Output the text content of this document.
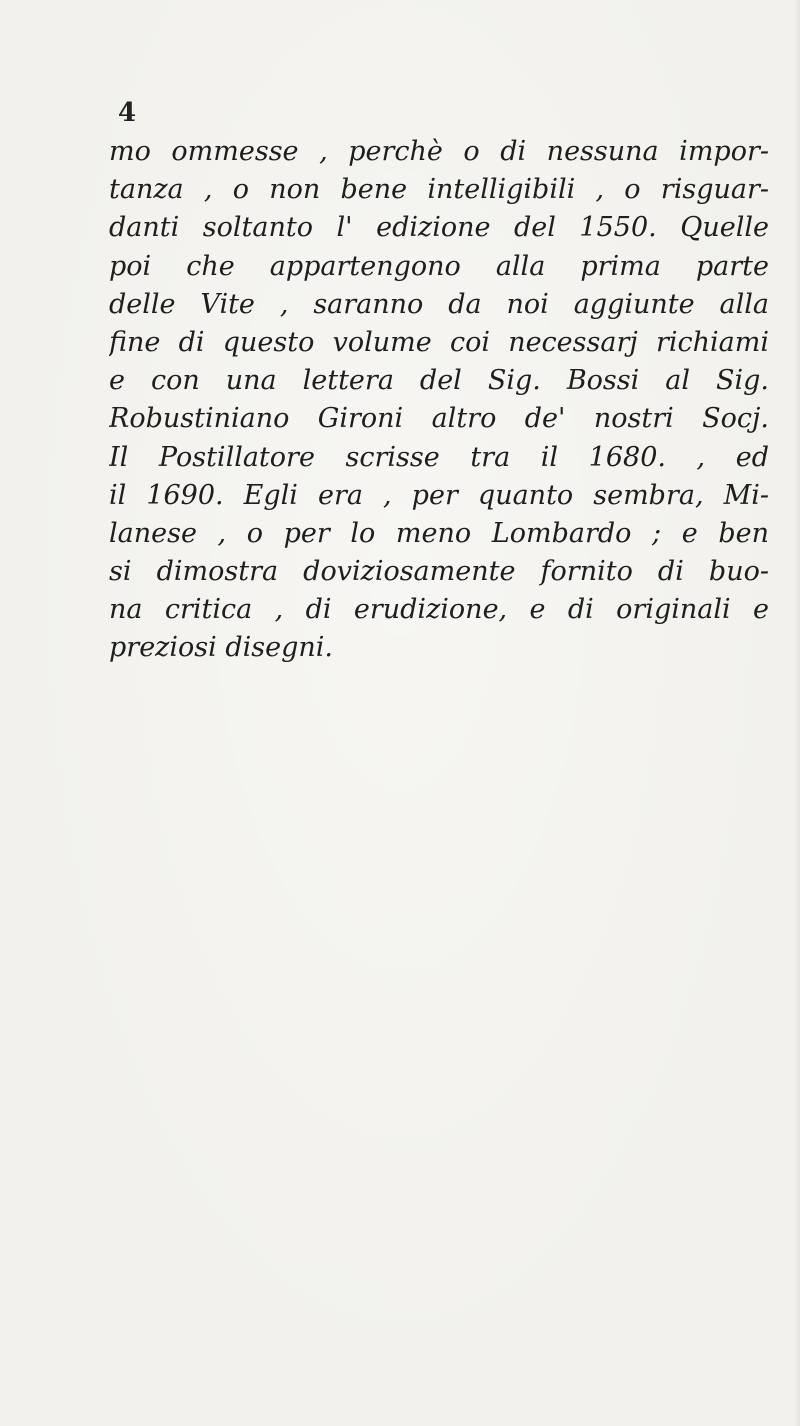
4
mo ommesse , perchè o di nessuna impor-
tanza , o non bene intelligibili , o risguar-
danti soltanto l' edizione del 1550. Quelle
poi che appartengono alla prima parte
delle Vite , saranno da noi aggiunte alla
fine di questo volume coi necessarj richiami
e con una lettera del Sig. Bossi al Sig.
Robustiniano Gironi altro de' nostri Socj.
Il Postillatore scrisse tra il 1680. , ed
il 1690. Egli era , per quanto sembra, Mi-
lanese , o per lo meno Lombardo ; e ben
si dimostra doviziosamente fornito di buo-
na critica , di erudizione, e di originali e
preziosi disegni.
